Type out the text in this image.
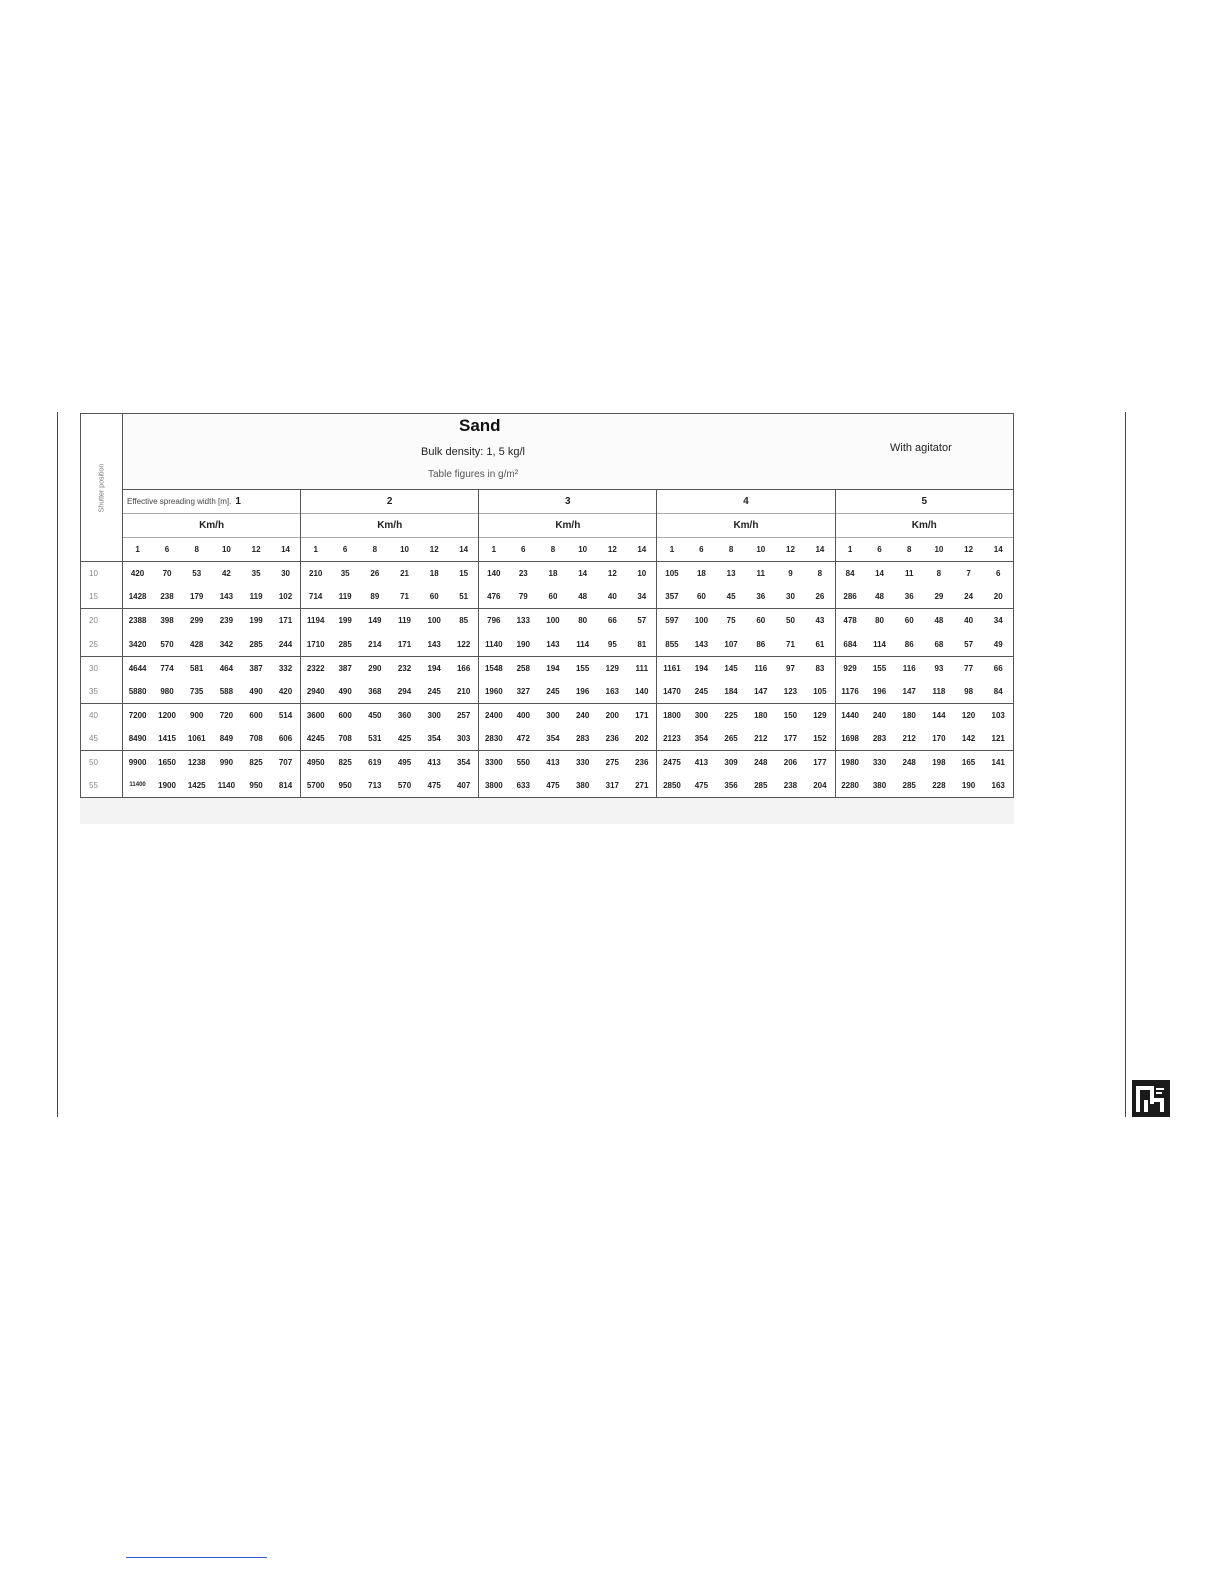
Shutter position	Sand
Bulk density: 1, 5 kg/l
Table figures in g/m²
With agitator																													

	Effective spreading width [m]. 1						2						3						4						5					
	Km/h						Km/h						Km/h						Km/h						Km/h					
	1	6	8	10	12	14	1	6	8	10	12	14	1	6	8	10	12	14	1	6	8	10	12	14	1	6	8	10	12	14
10	420	70	53	42	35	30	210	35	26	21	18	15	140	23	18	14	12	10	105	18	13	11	9	8	84	14	11	8	7	6
15	1428	238	179	143	119	102	714	119	89	71	60	51	476	79	60	48	40	34	357	60	45	36	30	26	286	48	36	29	24	20
20	2388	398	299	239	199	171	1194	199	149	119	100	85	796	133	100	80	66	57	597	100	75	60	50	43	478	80	60	48	40	34
25	3420	570	428	342	285	244	1710	285	214	171	143	122	1140	190	143	114	95	81	855	143	107	86	71	61	684	114	86	68	57	49
30	4644	774	581	464	387	332	2322	387	290	232	194	166	1548	258	194	155	129	111	1161	194	145	116	97	83	929	155	116	93	77	66
35	5880	980	735	588	490	420	2940	490	368	294	245	210	1960	327	245	196	163	140	1470	245	184	147	123	105	1176	196	147	118	98	84
40	7200	1200	900	720	600	514	3600	600	450	360	300	257	2400	400	300	240	200	171	1800	300	225	180	150	129	1440	240	180	144	120	103
45	8490	1415	1061	849	708	606	4245	708	531	425	354	303	2830	472	354	283	236	202	2123	354	265	212	177	152	1698	283	212	170	142	121
50	9900	1650	1238	990	825	707	4950	825	619	495	413	354	3300	550	413	330	275	236	2475	413	309	248	206	177	1980	330	248	198	165	141
55	11400	1900	1425	1140	950	814	5700	950	713	570	475	407	3800	633	475	380	317	271	2850	475	356	285	238	204	2280	380	285	228	190	163
